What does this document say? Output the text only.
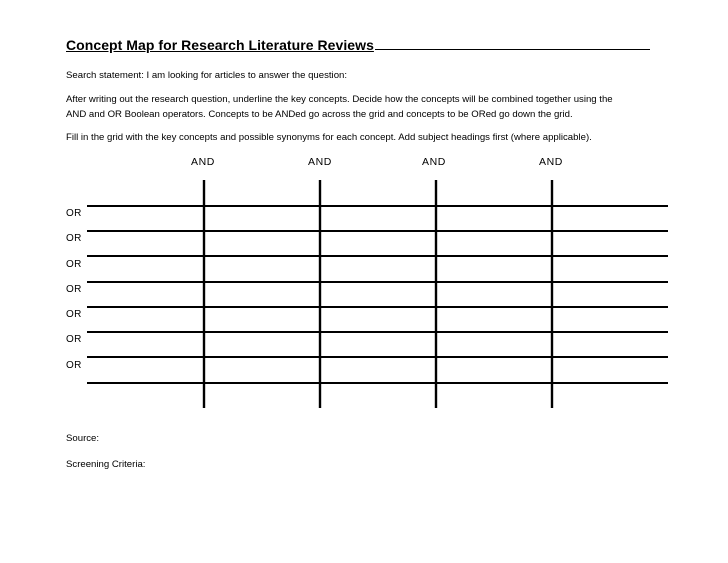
Concept Map for Research Literature Reviews
Search statement: I am looking for articles to answer the question:
After writing out the research question, underline the key concepts. Decide how the concepts will be combined together using the
AND and OR Boolean operators. Concepts to be ANDed go across the grid and concepts to be ORed go down the grid.
Fill in the grid with the key concepts and possible synonyms for each concept. Add subject headings first (where applicable).
AND	AND	AND	AND
OR
OR
OR
OR
OR
OR
OR
Source:
Screening Criteria:
